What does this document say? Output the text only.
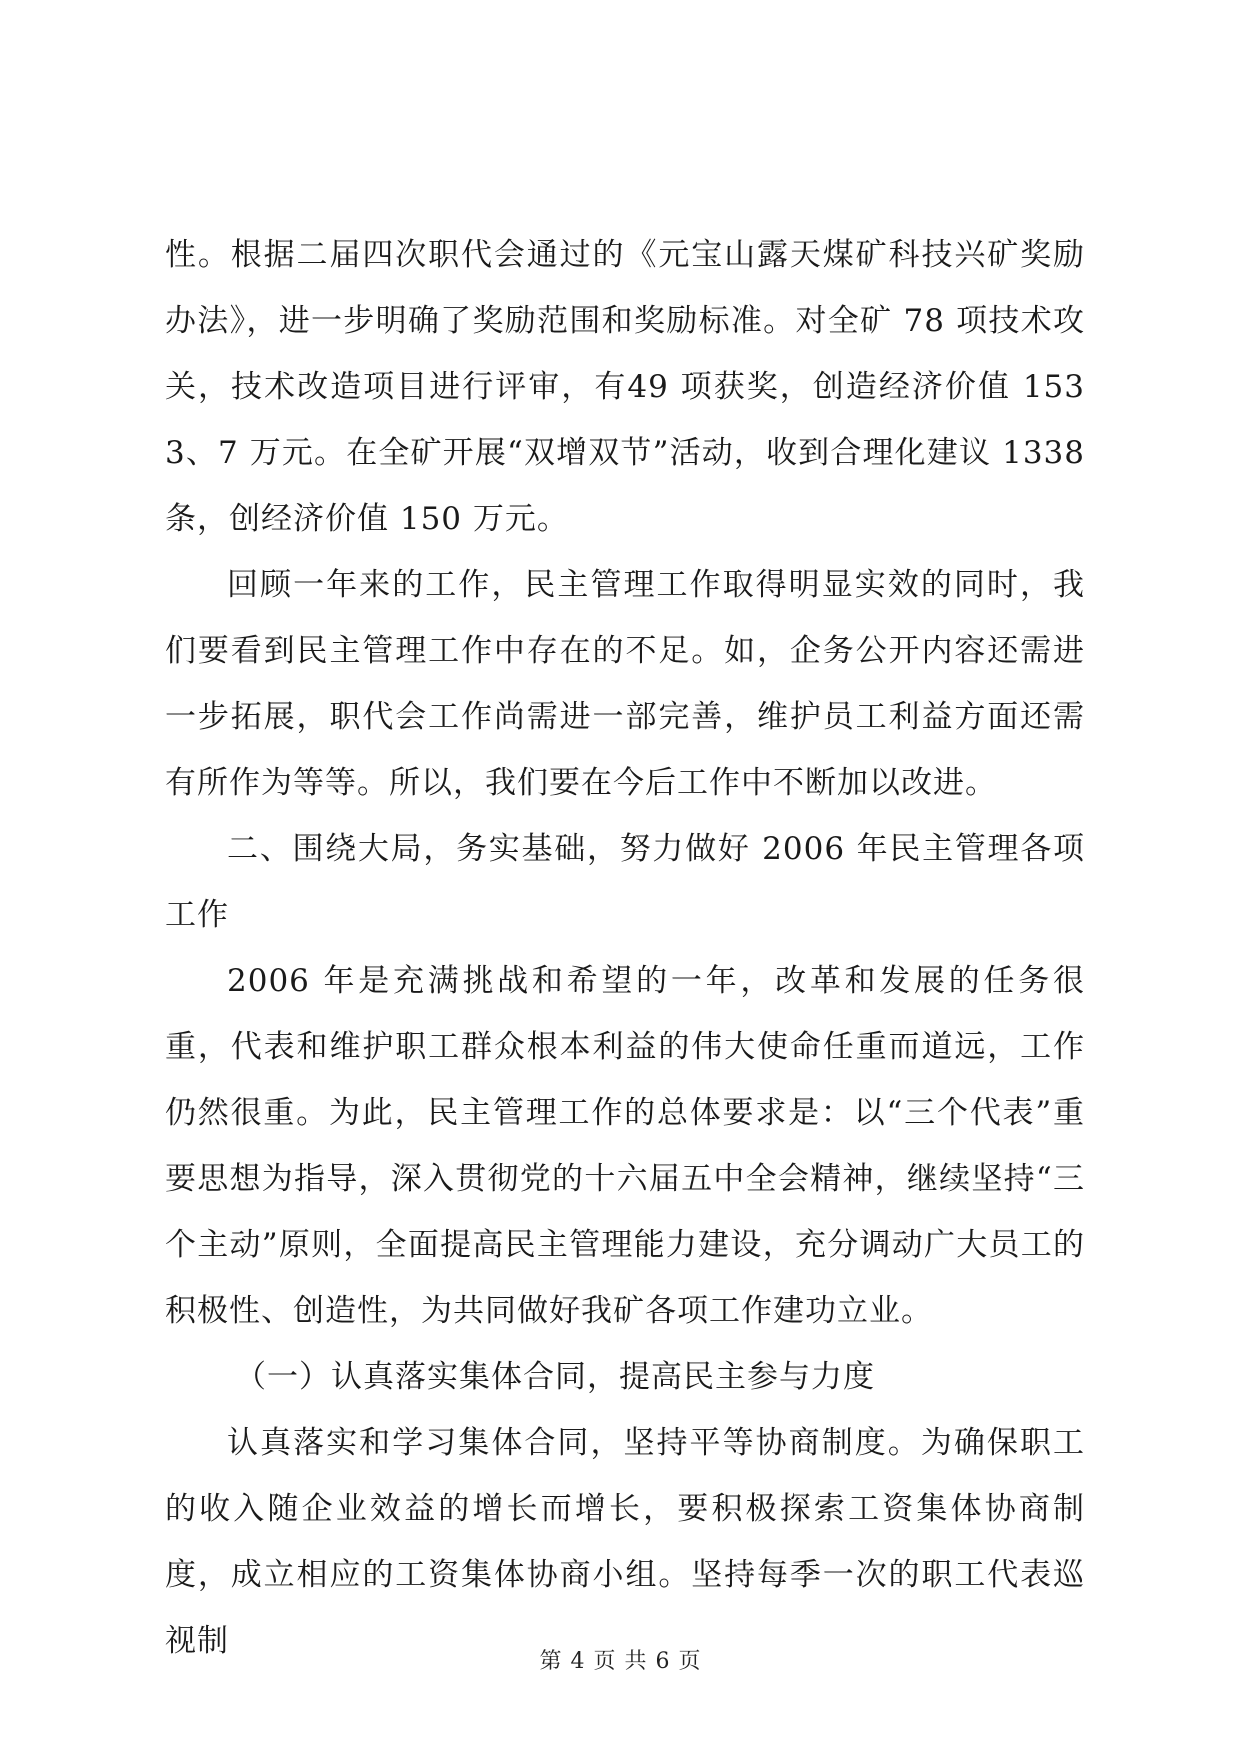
性。根据二届四次职代会通过的《元宝山露天煤矿科技兴矿奖励办法》，进一步明确了奖励范围和奖励标准。对全矿 78 项技术攻关，技术改造项目进行评审，有49 项获奖，创造经济价值 1533、7 万元。在全矿开展“双增双节”活动，收到合理化建议 1338 条，创经济价值 150 万元。

回顾一年来的工作，民主管理工作取得明显实效的同时，我们要看到民主管理工作中存在的不足。如，企务公开内容还需进一步拓展，职代会工作尚需进一部完善，维护员工利益方面还需有所作为等等。所以，我们要在今后工作中不断加以改进。

二、围绕大局，务实基础，努力做好 2006 年民主管理各项工作

2006 年是充满挑战和希望的一年，改革和发展的任务很重，代表和维护职工群众根本利益的伟大使命任重而道远，工作仍然很重。为此，民主管理工作的总体要求是：以“三个代表”重要思想为指导，深入贯彻党的十六届五中全会精神，继续坚持“三个主动”原则，全面提高民主管理能力建设，充分调动广大员工的积极性、创造性，为共同做好我矿各项工作建功立业。

（一）认真落实集体合同，提高民主参与力度

认真落实和学习集体合同，坚持平等协商制度。为确保职工的收入随企业效益的增长而增长，要积极探索工资集体协商制度，成立相应的工资集体协商小组。坚持每季一次的职工代表巡视制

第 4 页 共 6 页
